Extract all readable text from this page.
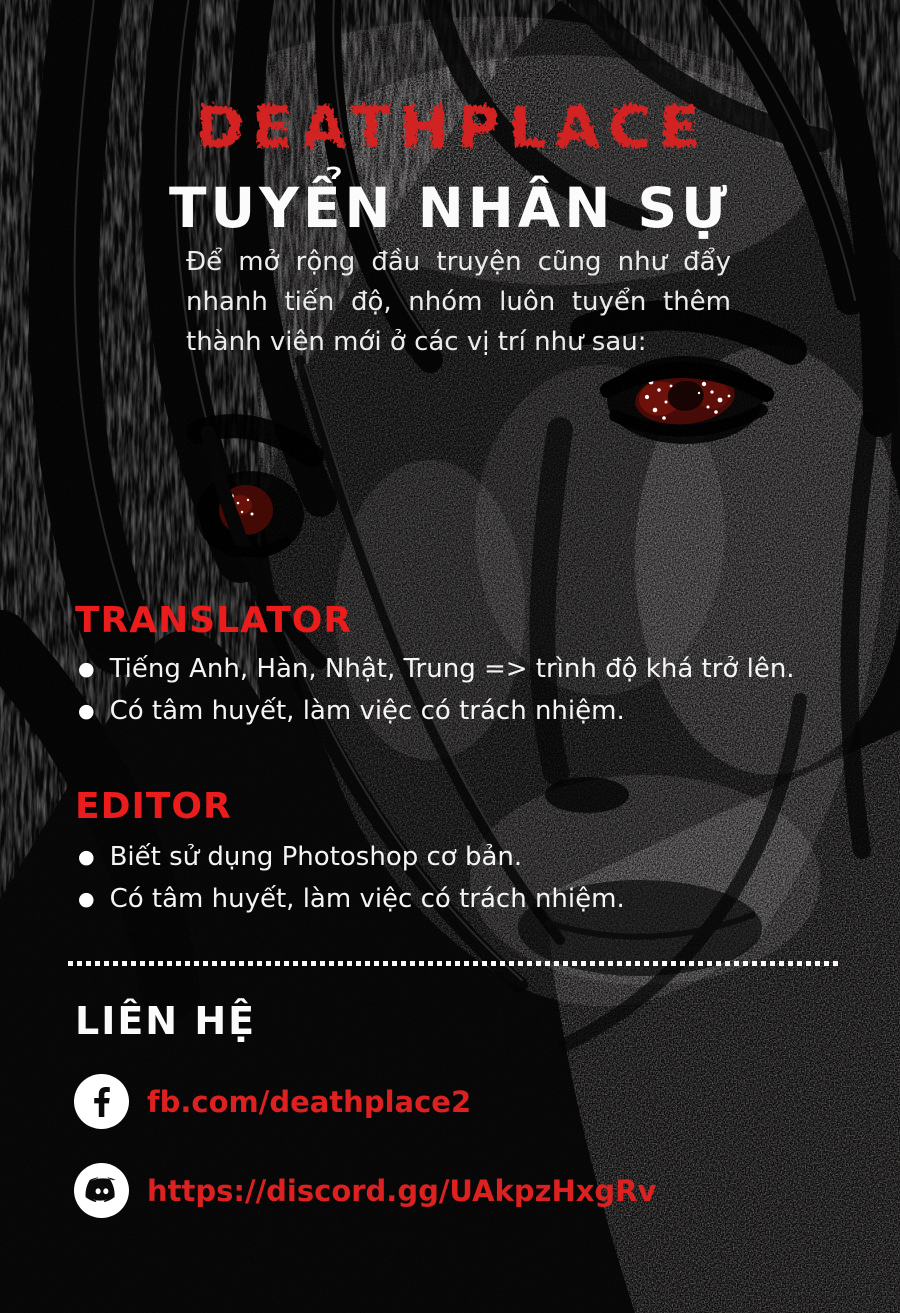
DEATHPLACE
TUYỂN NHÂN SỰ

Để mở rộng đầu truyện cũng như đẩy nhanh tiến độ, nhóm luôn tuyển thêm thành viên mới ở các vị trí như sau:

TRANSLATOR
● Tiếng Anh, Hàn, Nhật, Trung => trình độ khá trở lên.
● Có tâm huyết, làm việc có trách nhiệm.
EDITOR
● Biết sử dụng Photoshop cơ bản.
● Có tâm huyết, làm việc có trách nhiệm.
LIÊN HỆ
fb.com/deathplace2
https://discord.gg/UAkpzHxgRv
